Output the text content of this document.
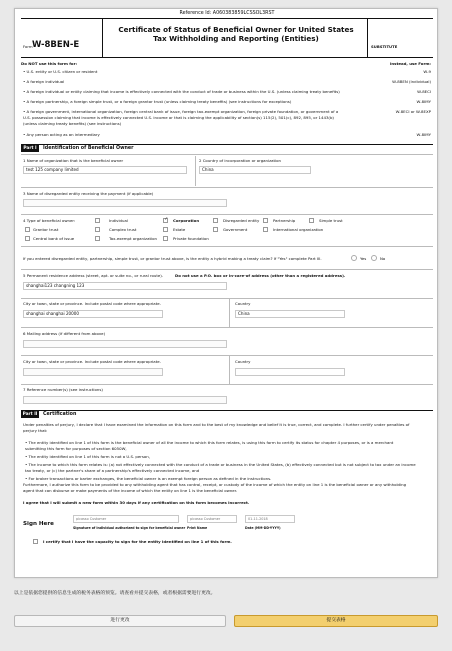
Reference Id: A060383859LCSSOL3RST
Form W-8BEN-E
Certificate of Status of Beneficial Owner for United States
Tax Withholding and Reporting (Entities)
SUBSTITUTE
Do NOT use this form for:	Instead, use Form:
• U.S. entity or U.S. citizen or resident	W-9
• A foreign individual	W-8BEN (Individual)
• A foreign individual or entity claiming that income is effectively connected with the conduct of trade or business within the U.S. (unless claiming treaty benefits)	W-8ECI
• A foreign partnership, a foreign simple trust, or a foreign grantor trust (unless claiming treaty benefits) (see instructions for exceptions)	W-8IMY
• A foreign government, international organization, foreign central bank of issue, foreign tax-exempt organization, foreign private foundation, or government of a	W-8ECI or W-8EXP
U.S. possession claiming that income is effectively connected U.S. income or that is claiming the applicability of section(s) 115(2), 501(c), 892, 895, or 1443(b)
(unless claiming treaty benefits) (see instructions)
• Any person acting as an intermediary	W-8IMY
Part I	Identification of Beneficial Owner
1 Name of organization that is the beneficial owner
test 125 company limited
2 Country of incorporation or organization
China
3 Name of disregarded entity receiving the payment (if applicable)
4 Type of beneficial owner:	Individual
✓	Corporation	Disregarded entity	Partnership	Simple trust
Grantor trust	Complex trust	Estate	Government	International organization
Central bank of issue	Tax-exempt organization	Private foundation
If you entered disregarded entity, partnership, simple trust, or grantor trust above, is the entity a hybrid making a treaty claim? If "Yes" complete Part III.	Yes	No
5 Permanent residence address (street, apt. or suite no., or rural route).	Do not use a P.O. box or in-care-of address (other than a registered address).
shanghai123 changning 123
City or town, state or province. Include postal code where appropriate.
shanghai shanghai 20000
Country
China
6 Mailing address (if different from above)
City or town, state or province. Include postal code where appropriate.	Country
7 Reference number(s) (see instructions)
Part II	Certification
Under penalties of perjury, I declare that I have examined the information on this form and to the best of my knowledge and belief it is true, correct, and complete. I further certify under penalties of
perjury that:
• The entity identified on line 1 of this form is the beneficial owner of all the income to which this form relates, is using this form to certify its status for chapter 4 purposes, or is a merchant
submitting this form for purposes of section 6050W,
• The entity identified on line 1 of this form is not a U.S. person,
• The income to which this form relates is: (a) not effectively connected with the conduct of a trade or business in the United States, (b) effectively connected but is not subject to tax under an income
tax treaty, or (c) the partner's share of a partnership's effectively connected income, and
• For broker transactions or barter exchanges, the beneficial owner is an exempt foreign person as defined in the instructions.
Furthermore, I authorize this form to be provided to any withholding agent that has control, receipt, or custody of the income of which the entity on line 1 is the beneficial owner or any withholding
agent that can disburse or make payments of the income of which the entity on line 1 is the beneficial owner.
I agree that I will submit a new form within 30 days if any certification on this form becomes incorrect.
Sign Here
picasso Customer	picasso Customer	01-11-2018
Signature of individual authorized to sign for beneficial owner Print Name	Date (MM-DD-YYYY)
I certify that I have the capacity to sign for the entity identified on line 1 of this form.
以上是依据您提供的信息生成的税务表格的预览。请查看并提交表格，或者根据需要进行更改。
进行更改	提交表格
